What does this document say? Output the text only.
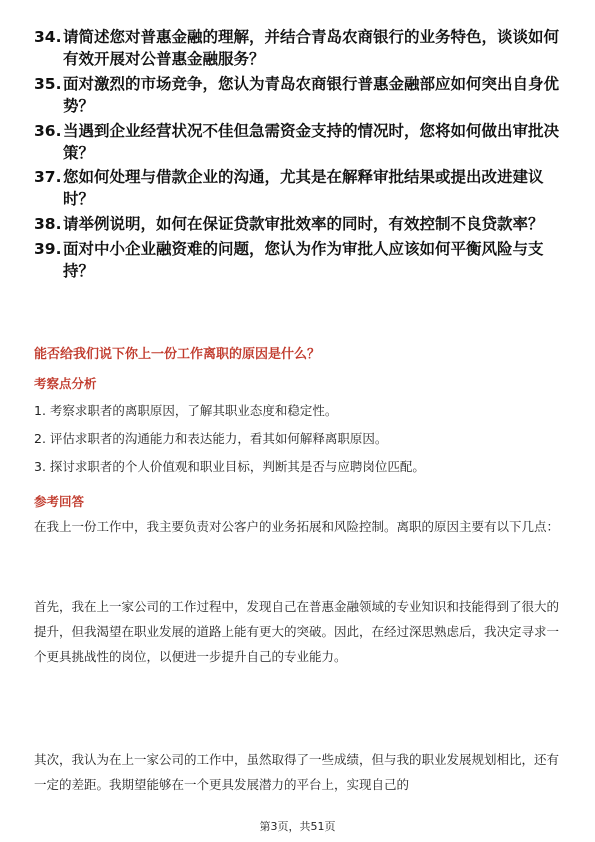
34. 请简述您对普惠金融的理解，并结合青岛农商银行的业务特色，谈谈如何有效开展对公普惠金融服务？
35. 面对激烈的市场竞争，您认为青岛农商银行普惠金融部应如何突出自身优势？
36. 当遇到企业经营状况不佳但急需资金支持的情况时，您将如何做出审批决策？
37. 您如何处理与借款企业的沟通，尤其是在解释审批结果或提出改进建议时？
38. 请举例说明，如何在保证贷款审批效率的同时，有效控制不良贷款率？
39. 面对中小企业融资难的问题，您认为作为审批人应该如何平衡风险与支持？
能否给我们说下你上一份工作离职的原因是什么？
考察点分析
1. 考察求职者的离职原因，了解其职业态度和稳定性。
2. 评估求职者的沟通能力和表达能力，看其如何解释离职原因。
3. 探讨求职者的个人价值观和职业目标，判断其是否与应聘岗位匹配。
参考回答
在我上一份工作中，我主要负责对公客户的业务拓展和风险控制。离职的原因主要有以下几点：
首先，我在上一家公司的工作过程中，发现自己在普惠金融领域的专业知识和技能得到了很大的提升，但我渴望在职业发展的道路上能有更大的突破。因此，在经过深思熟虑后，我决定寻求一个更具挑战性的岗位，以便进一步提升自己的专业能力。
其次，我认为在上一家公司的工作中，虽然取得了一些成绩，但与我的职业发展规划相比，还有一定的差距。我期望能够在一个更具发展潜力的平台上，实现自己的
第3页，共51页
